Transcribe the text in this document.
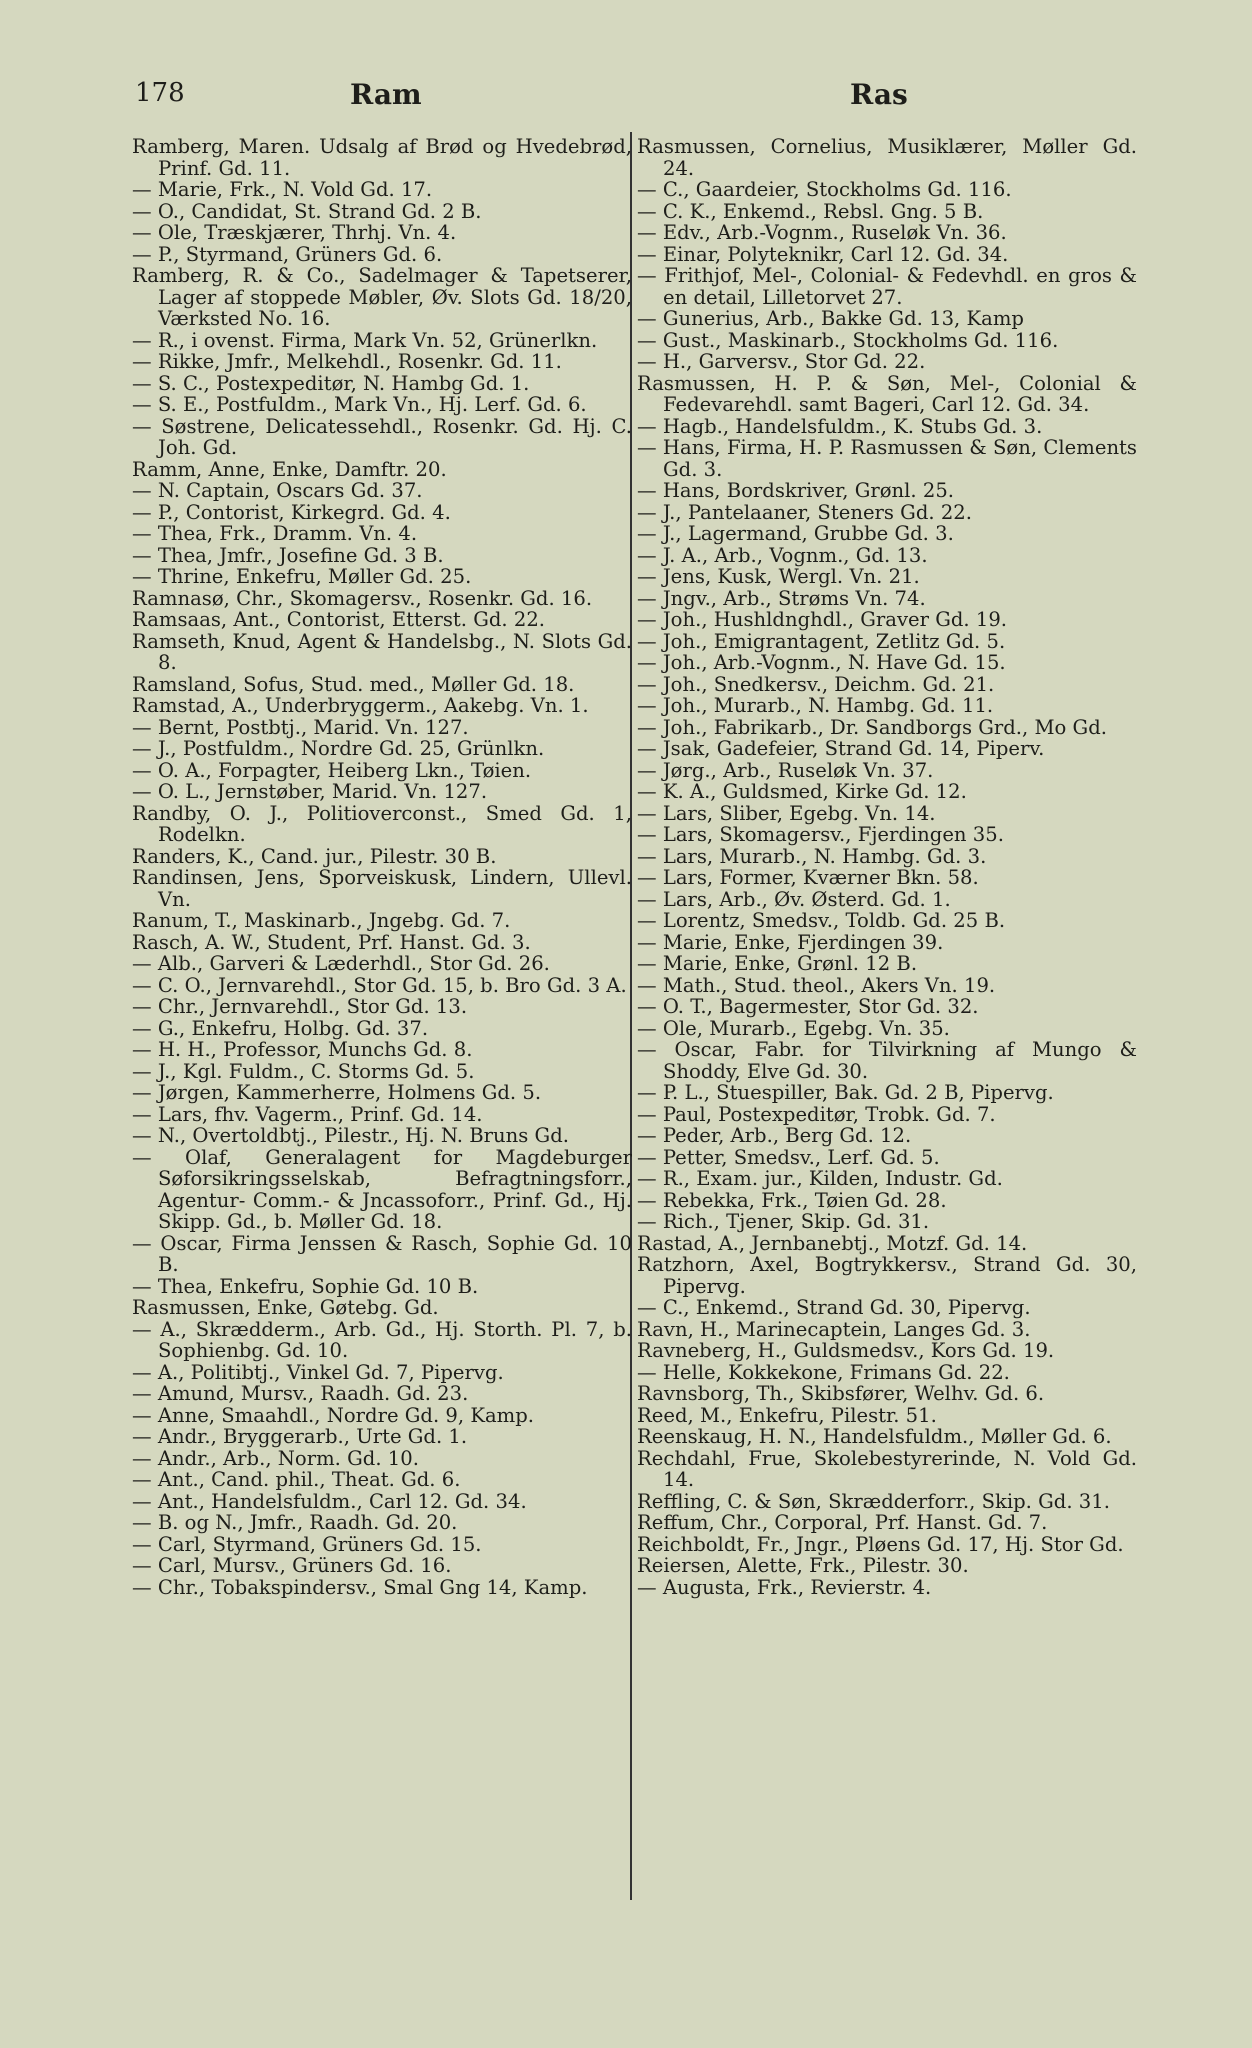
178	Ram	Ras
Ramberg, Maren. Udsalg af Brød og Hvedebrød, Prinf. Gd. 11.
— Marie, Frk., N. Vold Gd. 17.
— O., Candidat, St. Strand Gd. 2 B.
— Ole, Træskjærer, Thrhj. Vn. 4.
— P., Styrmand, Grüners Gd. 6.
Ramberg, R. & Co., Sadelmager & Tapetserer, Lager af stoppede Møbler, Øv. Slots Gd. 18/20, Værksted No. 16.
— R., i ovenst. Firma, Mark Vn. 52, Grünerlkn.
— Rikke, Jmfr., Melkehdl., Rosenkr. Gd. 11.
— S. C., Postexpeditør, N. Hambg Gd. 1.
— S. E., Postfuldm., Mark Vn., Hj. Lerf. Gd. 6.
— Søstrene, Delicatessehdl., Rosenkr. Gd. Hj. C. Joh. Gd.
Ramm, Anne, Enke, Damftr. 20.
— N. Captain, Oscars Gd. 37.
— P., Contorist, Kirkegrd. Gd. 4.
— Thea, Frk., Dramm. Vn. 4.
— Thea, Jmfr., Josefine Gd. 3 B.
— Thrine, Enkefru, Møller Gd. 25.
Ramnasø, Chr., Skomagersv., Rosenkr. Gd. 16.
Ramsaas, Ant., Contorist, Etterst. Gd. 22.
Ramseth, Knud, Agent & Handelsbg., N. Slots Gd. 8.
Ramsland, Sofus, Stud. med., Møller Gd. 18.
Ramstad, A., Underbryggerm., Aakebg. Vn. 1.
— Bernt, Postbtj., Marid. Vn. 127.
— J., Postfuldm., Nordre Gd. 25, Grünlkn.
— O. A., Forpagter, Heiberg Lkn., Tøien.
— O. L., Jernstøber, Marid. Vn. 127.
Randby, O. J., Politioverconst., Smed Gd. 1, Rodelkn.
Randers, K., Cand. jur., Pilestr. 30 B.
Randinsen, Jens, Sporveiskusk, Lindern, Ullevl. Vn.
Ranum, T., Maskinarb., Jngebg. Gd. 7.
Rasch, A. W., Student, Prf. Hanst. Gd. 3.
— Alb., Garveri & Læderhdl., Stor Gd. 26.
— C. O., Jernvarehdl., Stor Gd. 15, b. Bro Gd. 3 A.
— Chr., Jernvarehdl., Stor Gd. 13.
— G., Enkefru, Holbg. Gd. 37.
— H. H., Professor, Munchs Gd. 8.
— J., Kgl. Fuldm., C. Storms Gd. 5.
— Jørgen, Kammerherre, Holmens Gd. 5.
— Lars, fhv. Vagerm., Prinf. Gd. 14.
— N., Overtoldbtj., Pilestr., Hj. N. Bruns Gd.
— Olaf, Generalagent for Magdeburger Søforsikringsselskab, Befragtningsforr., Agentur- Comm.- & Jncassoforr., Prinf. Gd., Hj. Skipp. Gd., b. Møller Gd. 18.
— Oscar, Firma Jenssen & Rasch, Sophie Gd. 10 B.
— Thea, Enkefru, Sophie Gd. 10 B.
Rasmussen, Enke, Gøtebg. Gd.
— A., Skrædderm., Arb. Gd., Hj. Storth. Pl. 7, b. Sophienbg. Gd. 10.
— A., Politibtj., Vinkel Gd. 7, Pipervg.
— Amund, Mursv., Raadh. Gd. 23.
— Anne, Smaahdl., Nordre Gd. 9, Kamp.
— Andr., Bryggerarb., Urte Gd. 1.
— Andr., Arb., Norm. Gd. 10.
— Ant., Cand. phil., Theat. Gd. 6.
— Ant., Handelsfuldm., Carl 12. Gd. 34.
— B. og N., Jmfr., Raadh. Gd. 20.
— Carl, Styrmand, Grüners Gd. 15.
— Carl, Mursv., Grüners Gd. 16.
— Chr., Tobakspindersv., Smal Gng 14, Kamp.
Rasmussen, Cornelius, Musiklærer, Møller Gd. 24.
— C., Gaardeier, Stockholms Gd. 116.
— C. K., Enkemd., Rebsl. Gng. 5 B.
— Edv., Arb.-Vognm., Ruseløk Vn. 36.
— Einar, Polyteknikr, Carl 12. Gd. 34.
— Frithjof, Mel-, Colonial- & Fedevhdl. en gros & en detail, Lilletorvet 27.
— Gunerius, Arb., Bakke Gd. 13, Kamp
— Gust., Maskinarb., Stockholms Gd. 116.
— H., Garversv., Stor Gd. 22.
Rasmussen, H. P. & Søn, Mel-, Colonial & Fedevarehdl. samt Bageri, Carl 12. Gd. 34.
— Hagb., Handelsfuldm., K. Stubs Gd. 3.
— Hans, Firma, H. P. Rasmussen & Søn, Clements Gd. 3.
— Hans, Bordskriver, Grønl. 25.
— J., Pantelaaner, Steners Gd. 22.
— J., Lagermand, Grubbe Gd. 3.
— J. A., Arb., Vognm., Gd. 13.
— Jens, Kusk, Wergl. Vn. 21.
— Jngv., Arb., Strøms Vn. 74.
— Joh., Hushldnghdl., Graver Gd. 19.
— Joh., Emigrantagent, Zetlitz Gd. 5.
— Joh., Arb.-Vognm., N. Have Gd. 15.
— Joh., Snedkersv., Deichm. Gd. 21.
— Joh., Murarb., N. Hambg. Gd. 11.
— Joh., Fabrikarb., Dr. Sandborgs Grd., Mo Gd.
— Jsak, Gadefeier, Strand Gd. 14, Piperv.
— Jørg., Arb., Ruseløk Vn. 37.
— K. A., Guldsmed, Kirke Gd. 12.
— Lars, Sliber, Egebg. Vn. 14.
— Lars, Skomagersv., Fjerdingen 35.
— Lars, Murarb., N. Hambg. Gd. 3.
— Lars, Former, Kværner Bkn. 58.
— Lars, Arb., Øv. Østerd. Gd. 1.
— Lorentz, Smedsv., Toldb. Gd. 25 B.
— Marie, Enke, Fjerdingen 39.
— Marie, Enke, Grønl. 12 B.
— Math., Stud. theol., Akers Vn. 19.
— O. T., Bagermester, Stor Gd. 32.
— Ole, Murarb., Egebg. Vn. 35.
— Oscar, Fabr. for Tilvirkning af Mungo & Shoddy, Elve Gd. 30.
— P. L., Stuespiller, Bak. Gd. 2 B, Pipervg.
— Paul, Postexpeditør, Trobk. Gd. 7.
— Peder, Arb., Berg Gd. 12.
— Petter, Smedsv., Lerf. Gd. 5.
— R., Exam. jur., Kilden, Industr. Gd.
— Rebekka, Frk., Tøien Gd. 28.
— Rich., Tjener, Skip. Gd. 31.
Rastad, A., Jernbanebtj., Motzf. Gd. 14.
Ratzhorn, Axel, Bogtrykkersv., Strand Gd. 30, Pipervg.
— C., Enkemd., Strand Gd. 30, Pipervg.
Ravn, H., Marinecaptein, Langes Gd. 3.
Ravneberg, H., Guldsmedsv., Kors Gd. 19.
— Helle, Kokkekone, Frimans Gd. 22.
Ravnsborg, Th., Skibsfører, Welhv. Gd. 6.
Reed, M., Enkefru, Pilestr. 51.
Reenskaug, H. N., Handelsfuldm., Møller Gd. 6.
Rechdahl, Frue, Skolebestyrerinde, N. Vold Gd. 14.
Reffling, C. & Søn, Skrædderforr., Skip. Gd. 31.
Reffum, Chr., Corporal, Prf. Hanst. Gd. 7.
Reichboldt, Fr., Jngr., Pløens Gd. 17, Hj. Stor Gd.
Reiersen, Alette, Frk., Pilestr. 30.
— Augusta, Frk., Revierstr. 4.
